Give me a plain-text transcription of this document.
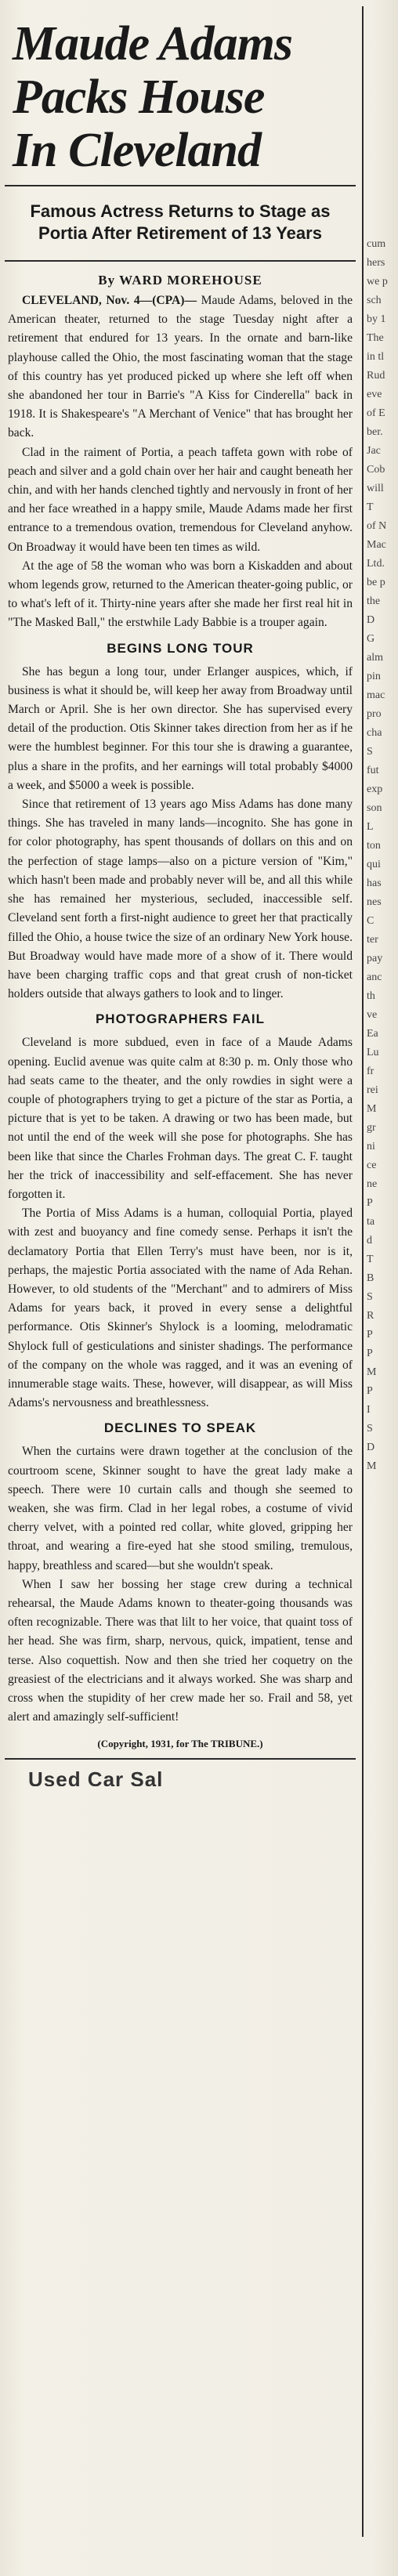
Maude Adams
Packs House
In Cleveland
Famous Actress Returns to Stage as Portia After Retirement of 13 Years
By WARD MOREHOUSE

CLEVELAND, Nov. 4—(CPA)— Maude Adams, beloved in the American theater, returned to the stage Tuesday night after a retirement that endured for 13 years. In the ornate and barn-like playhouse called the Ohio, the most fascinating woman that the stage of this country has yet produced picked up where she left off when she abandoned her tour in Barrie's "A Kiss for Cinderella" back in 1918. It is Shakespeare's "A Merchant of Venice" that has brought her back.

Clad in the raiment of Portia, a peach taffeta gown with robe of peach and silver and a gold chain over her hair and caught beneath her chin, and with her hands clenched tightly and nervously in front of her and her face wreathed in a happy smile, Maude Adams made her first entrance to a tremendous ovation, tremendous for Cleveland anyhow. On Broadway it would have been ten times as wild.

At the age of 58 the woman who was born a Kiskadden and about whom legends grow, returned to the American theater-going public, or to what's left of it. Thirty-nine years after she made her first real hit in "The Masked Ball," the erstwhile Lady Babbie is a trouper again.

BEGINS LONG TOUR

She has begun a long tour, under Erlanger auspices, which, if business is what it should be, will keep her away from Broadway until March or April. She is her own director. She has supervised every detail of the production. Otis Skinner takes direction from her as if he were the humblest beginner. For this tour she is drawing a guarantee, plus a share in the profits, and her earnings will total probably $4000 a week, and $5000 a week is possible.

Since that retirement of 13 years ago Miss Adams has done many things. She has traveled in many lands—incognito. She has gone in for color photography, has spent thousands of dollars on this and on the perfection of stage lamps—also on a picture version of "Kim," which hasn't been made and probably never will be, and all this while she has remained her mysterious, secluded, inaccessible self. Cleveland sent forth a first-night audience to greet her that practically filled the Ohio, a house twice the size of an ordinary New York house. But Broadway would have made more of a show of it. There would have been charging traffic cops and that great crush of non-ticket holders outside that always gathers to look and to linger.

PHOTOGRAPHERS FAIL

Cleveland is more subdued, even in face of a Maude Adams opening. Euclid avenue was quite calm at 8:30 p. m. Only those who had seats came to the theater, and the only rowdies in sight were a couple of photographers trying to get a picture of the star as Portia, a picture that is yet to be taken. A drawing or two has been made, but not until the end of the week will she pose for photographs. She has been like that since the Charles Frohman days. The great C. F. taught her the trick of inaccessibility and self-effacement. She has never forgotten it.

The Portia of Miss Adams is a human, colloquial Portia, played with zest and buoyancy and fine comedy sense. Perhaps it isn't the declamatory Portia that Ellen Terry's must have been, nor is it, perhaps, the majestic Portia associated with the name of Ada Rehan. However, to old students of the "Merchant" and to admirers of Miss Adams for years back, it proved in every sense a delightful performance. Otis Skinner's Shylock is a looming, melodramatic Shylock full of gesticulations and sinister shadings. The performance of the company on the whole was ragged, and it was an evening of innumerable stage waits. These, however, will disappear, as will Miss Adams's nervousness and breathlessness.

DECLINES TO SPEAK

When the curtains were drawn together at the conclusion of the courtroom scene, Skinner sought to have the great lady make a speech. There were 10 curtain calls and though she seemed to weaken, she was firm. Clad in her legal robes, a costume of vivid cherry velvet, with a pointed red collar, white gloved, gripping her throat, and wearing a fire-eyed hat she stood smiling, tremulous, happy, breathless and scared—but she wouldn't speak.

When I saw her bossing her stage crew during a technical rehearsal, the Maude Adams known to theater-going thousands was often recognizable. There was that lilt to her voice, that quaint toss of her head. She was firm, sharp, nervous, quick, impatient, tense and terse. Also coquettish. Now and then she tried her coquetry on the greasiest of the electricians and it always worked. She was sharp and cross when the stupidity of her crew made her so. Frail and 58, yet alert and amazingly self-sufficient!

(Copyright, 1931, for The TRIBUNE.)
Used Car Sal
cum
hers
we p
sch
by 1
The
in tl
Rud
eve
of E
ber.
Jac
Cob
will
T
of N
Mac
Ltd.
be p
the
D
G
alm
pin
mac
pro
cha
S
fut
exp
son
L
ton
qui
has
nes
C
ter
pay
anc
th
ve
Ea
Lu
fr
rei
M
gr
ni
ce
ne
P
ta
d
T
B
S
R
P
P
M
P
I
S
D
M
